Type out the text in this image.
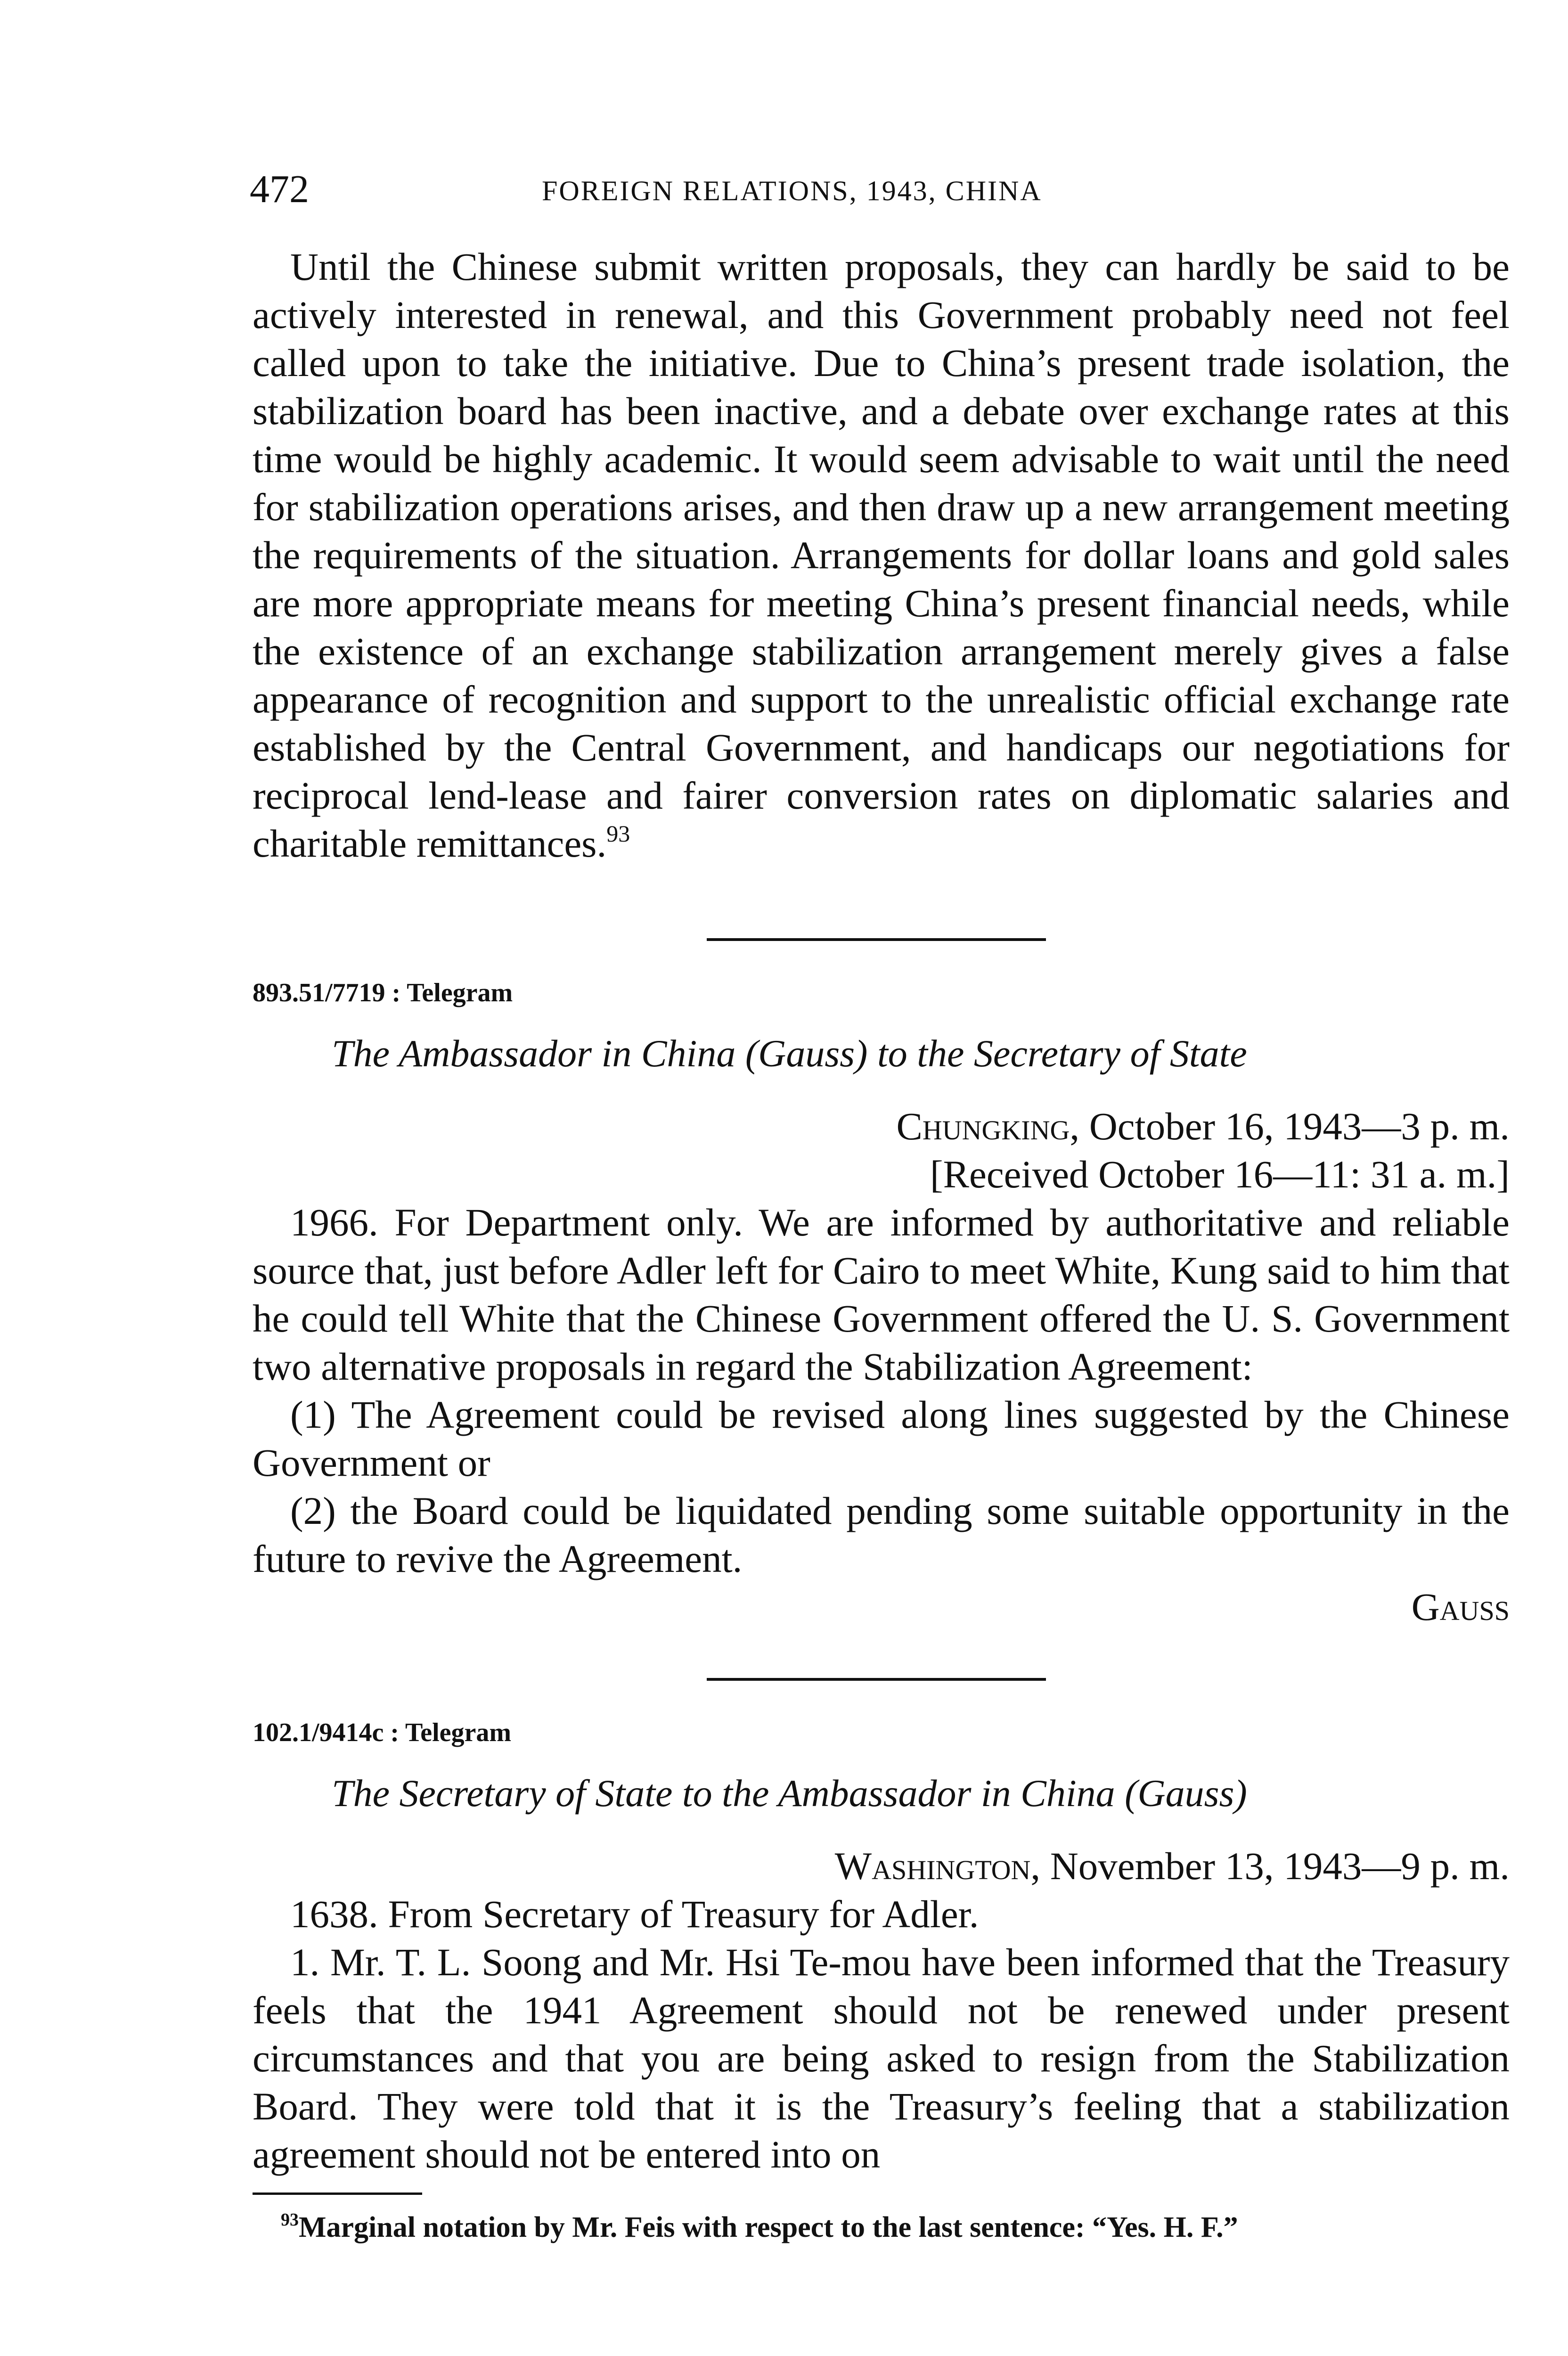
472	FOREIGN RELATIONS, 1943, CHINA

Until the Chinese submit written proposals, they can hardly be said to be actively interested in renewal, and this Government probably need not feel called upon to take the initiative. Due to China’s present trade isolation, the stabilization board has been inactive, and a debate over exchange rates at this time would be highly academic. It would seem advisable to wait until the need for stabilization operations arises, and then draw up a new arrangement meeting the requirements of the situation. Arrangements for dollar loans and gold sales are more appropriate means for meeting China’s present financial needs, while the existence of an exchange stabilization arrangement merely gives a false appearance of recognition and support to the unrealistic official exchange rate established by the Central Government, and handicaps our negotiations for reciprocal lend-lease and fairer conversion rates on diplomatic salaries and charitable remittances.$^{93}$

893.51/7719 : Telegram

The Ambassador in China (Gauss) to the Secretary of State

Chungking, October 16, 1943—3 p. m.

[Received October 16—11: 31 a. m.]

1966. For Department only. We are informed by authoritative and reliable source that, just before Adler left for Cairo to meet White, Kung said to him that he could tell White that the Chinese Government offered the U. S. Government two alternative proposals in regard the Stabilization Agreement:

(1) The Agreement could be revised along lines suggested by the Chinese Government or

(2) the Board could be liquidated pending some suitable opportunity in the future to revive the Agreement.

Gauss

102.1/9414c : Telegram

The Secretary of State to the Ambassador in China (Gauss)

Washington, November 13, 1943—9 p. m.

1638. From Secretary of Treasury for Adler.

1. Mr. T. L. Soong and Mr. Hsi Te-mou have been informed that the Treasury feels that the 1941 Agreement should not be renewed under present circumstances and that you are being asked to resign from the Stabilization Board. They were told that it is the Treasury’s feeling that a stabilization agreement should not be entered into on

$^{93}$Marginal notation by Mr. Feis with respect to the last sentence: “Yes. H. F.”
